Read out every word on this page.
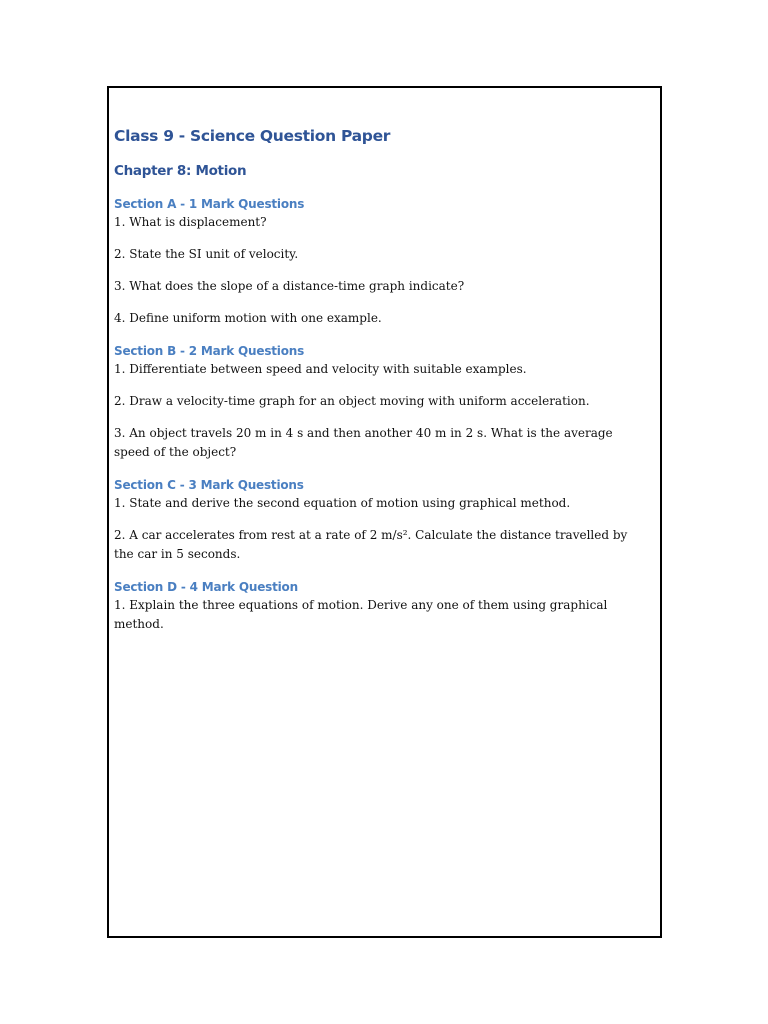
Class 9 - Science Question Paper
Chapter 8: Motion
Section A - 1 Mark Questions

1. What is displacement?

2. State the SI unit of velocity.

3. What does the slope of a distance-time graph indicate?

4. Define uniform motion with one example.

Section B - 2 Mark Questions

1. Differentiate between speed and velocity with suitable examples.

2. Draw a velocity-time graph for an object moving with uniform acceleration.

3. An object travels 20 m in 4 s and then another 40 m in 2 s. What is the average speed of the object?

Section C - 3 Mark Questions

1. State and derive the second equation of motion using graphical method.

2. A car accelerates from rest at a rate of 2 m/s². Calculate the distance travelled by the car in 5 seconds.

Section D - 4 Mark Question

1. Explain the three equations of motion. Derive any one of them using graphical method.
